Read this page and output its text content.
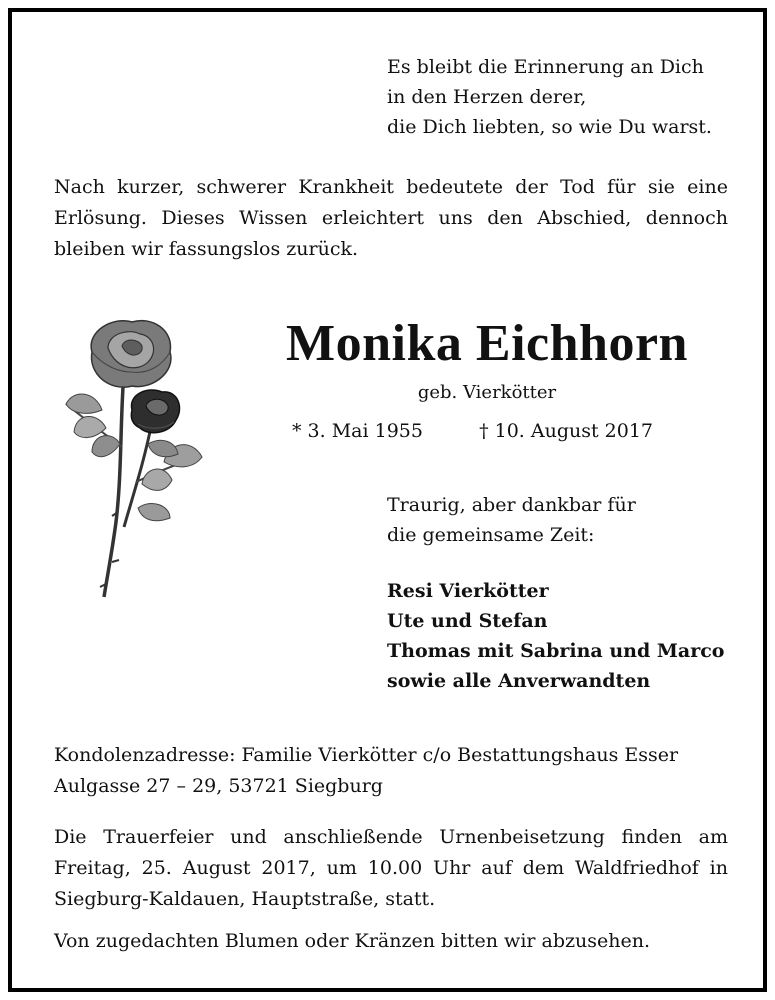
Es bleibt die Erinnerung an Dich
in den Herzen derer,
die Dich liebten, so wie Du warst.
Nach kurzer, schwerer Krankheit bedeutete der Tod für sie eine Erlösung. Dieses Wissen erleichtert uns den Abschied, dennoch bleiben wir fassungslos zurück.
Monika Eichhorn
geb. Vierkötter
* 3. Mai 1955	† 10. August 2017
Traurig, aber dankbar für
die gemeinsame Zeit:
Resi Vierkötter
Ute und Stefan
Thomas mit Sabrina und Marco
sowie alle Anverwandten
Kondolenzadresse: Familie Vierkötter c/o Bestattungshaus Esser
Aulgasse 27 – 29, 53721 Siegburg
Die Trauerfeier und anschließende Urnenbeisetzung finden am Freitag, 25. August 2017, um 10.00 Uhr auf dem Waldfriedhof in Siegburg-Kaldauen, Hauptstraße, statt.
Von zugedachten Blumen oder Kränzen bitten wir abzusehen.
